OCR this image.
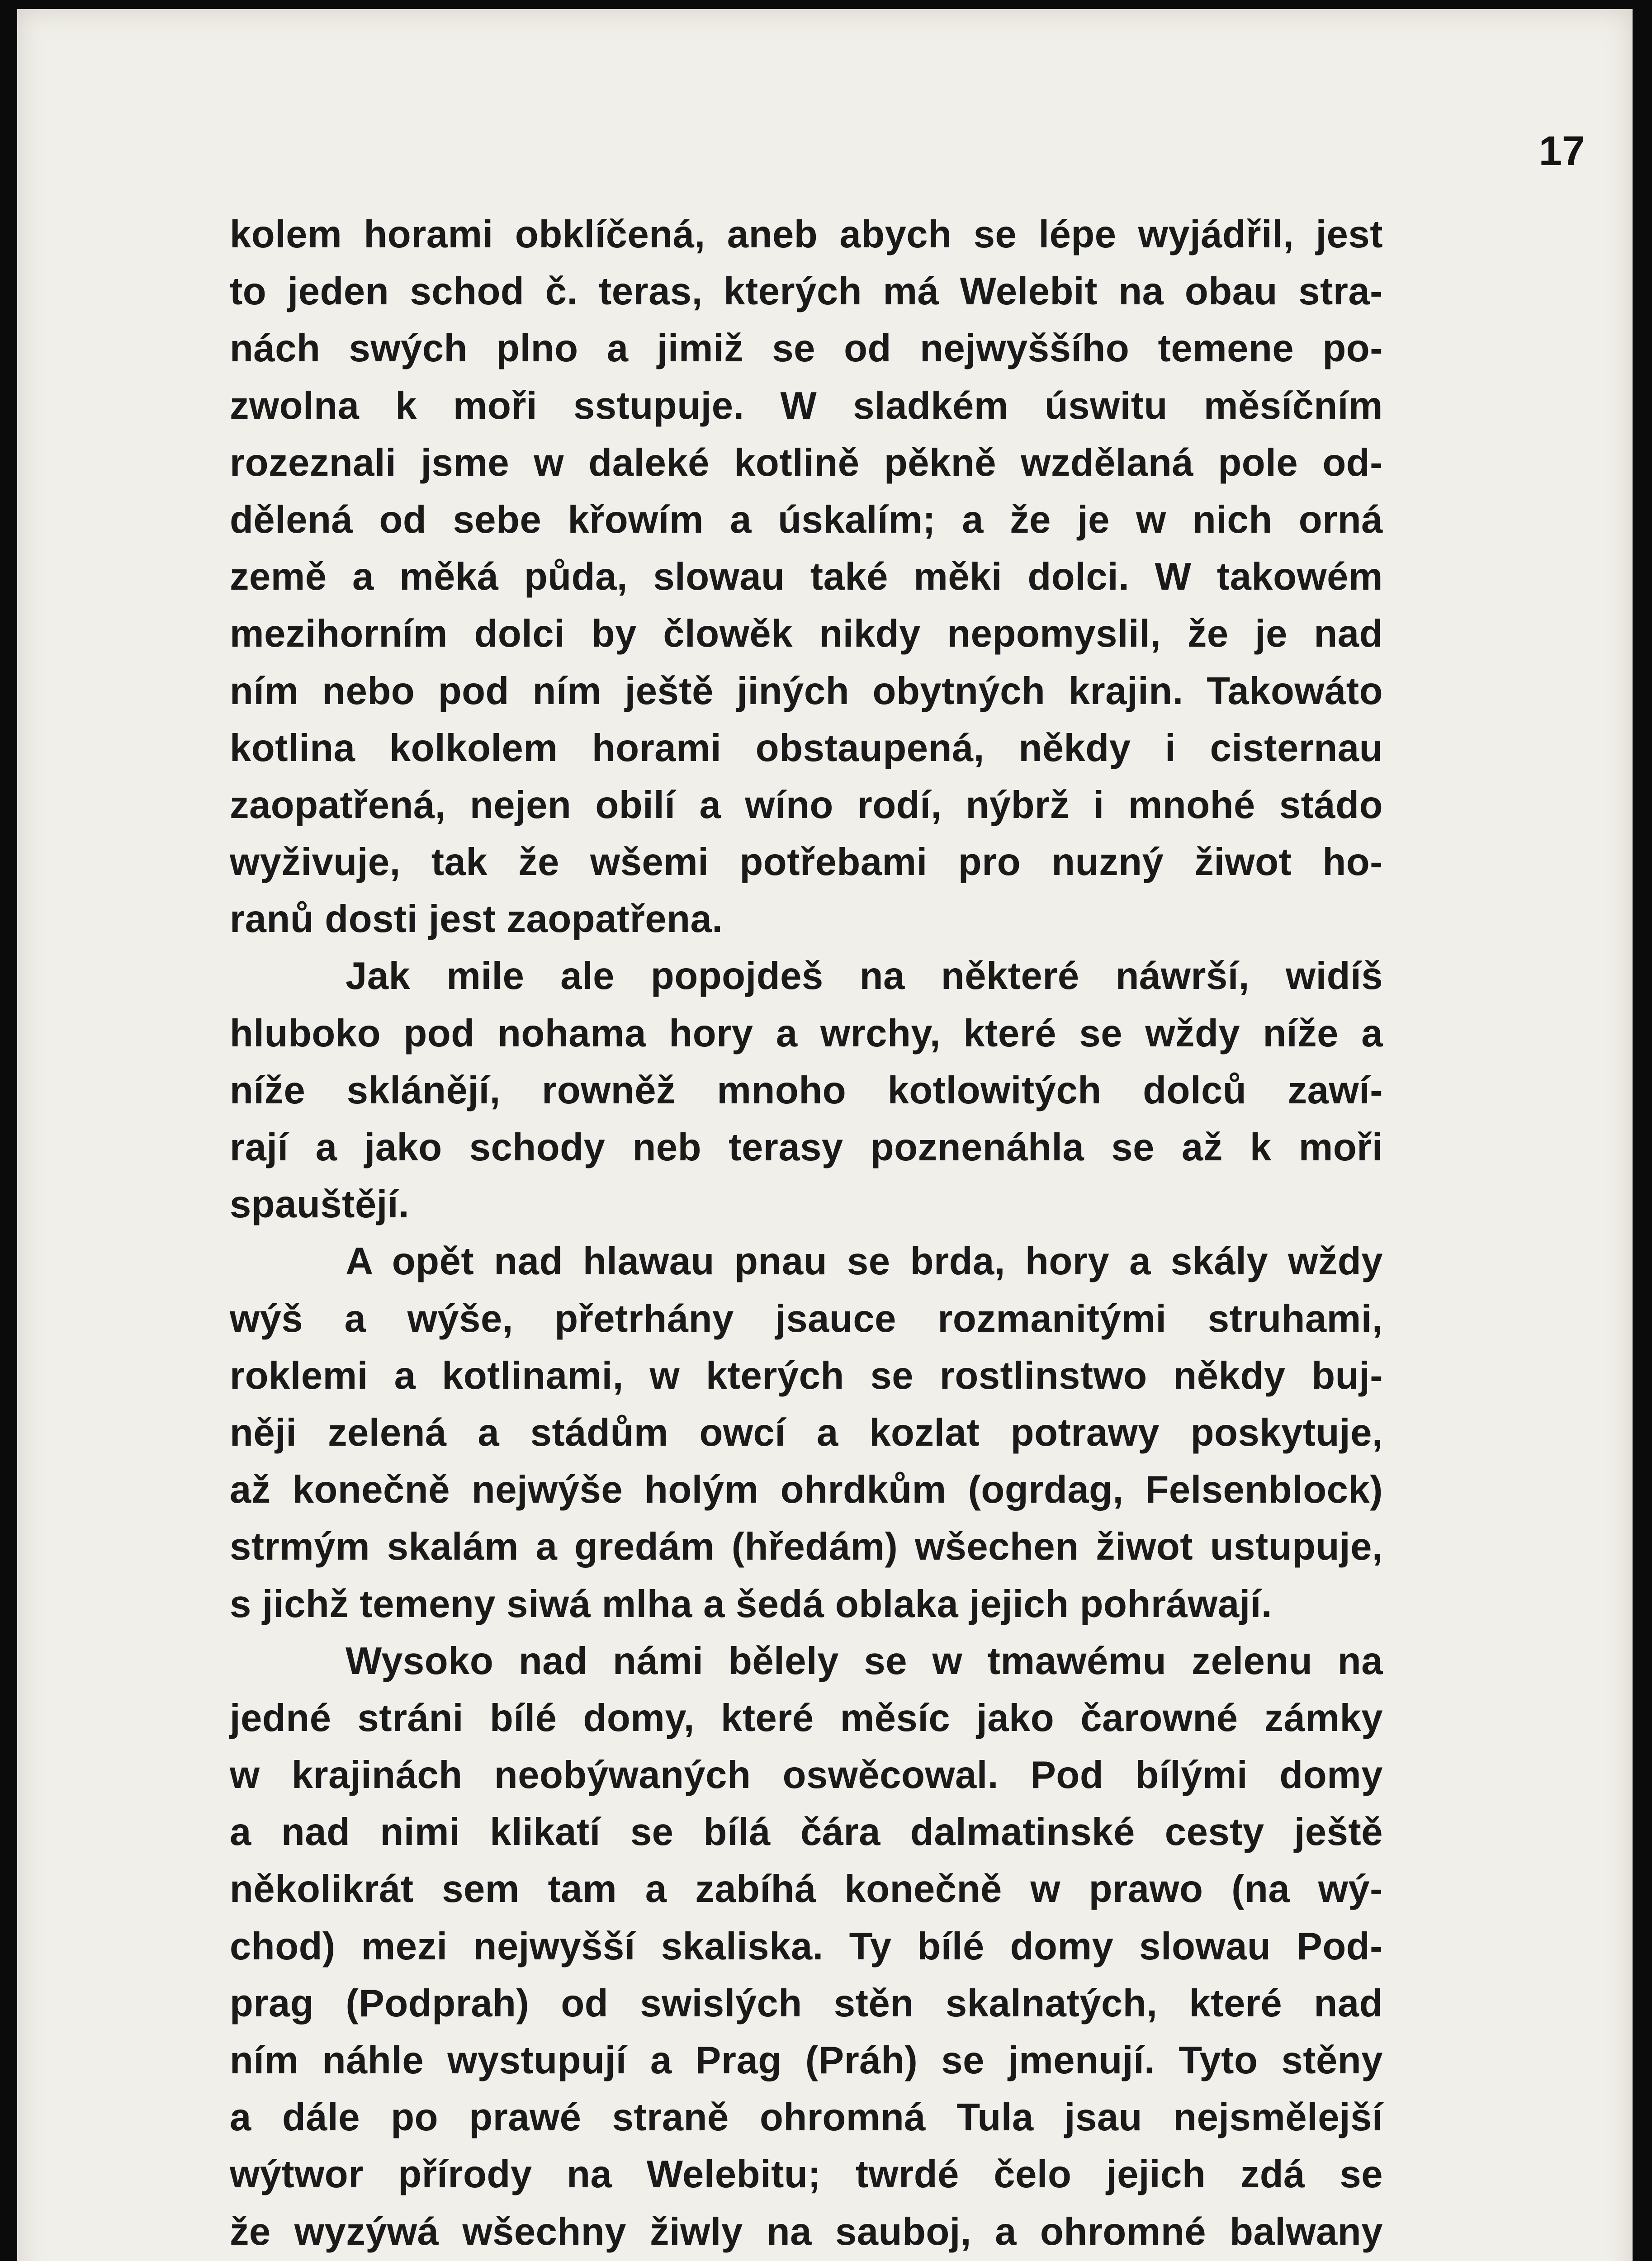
17
kolem horami obklíčená, aneb abych se lépe wyjádřil, jest
to jeden schod č. teras, kterých má Welebit na obau stra-
nách swých plno a jimiž se od nejwyššího temene po-
zwolna k moři sstupuje. W sladkém úswitu měsíčním
rozeznali jsme w daleké kotlině pěkně wzdělaná pole od-
dělená od sebe křowím a úskalím; a že je w nich orná
země a měká půda, slowau také měki dolci. W takowém
mezihorním dolci by člowěk nikdy nepomyslil, že je nad
ním nebo pod ním ještě jiných obytných krajin. Takowáto
kotlina kolkolem horami obstaupená, někdy i cisternau
zaopatřená, nejen obilí a wíno rodí, nýbrž i mnohé stádo
wyživuje, tak že wšemi potřebami pro nuzný žiwot ho-
ranů dosti jest zaopatřena.
Jak mile ale popojdeš na některé náwrší, widíš
hluboko pod nohama hory a wrchy, které se wždy níže a
níže sklánějí, rowněž mnoho kotlowitých dolců zawí-
rají a jako schody neb terasy poznenáhla se až k moři
spauštějí.
A opět nad hlawau pnau se brda, hory a skály wždy
wýš a wýše, přetrhány jsauce rozmanitými struhami,
roklemi a kotlinami, w kterých se rostlinstwo někdy buj-
něji zelená a stádům owcí a kozlat potrawy poskytuje,
až konečně nejwýše holým ohrdkům (ogrdag, Felsenblock)
strmým skalám a gredám (hředám) wšechen žiwot ustupuje,
s jichž temeny siwá mlha a šedá oblaka jejich pohráwají.
Wysoko nad námi bělely se w tmawému zelenu na
jedné stráni bílé domy, které měsíc jako čarowné zámky
w krajinách neobýwaných oswěcowal. Pod bílými domy
a nad nimi klikatí se bílá čára dalmatinské cesty ještě
několikrát sem tam a zabíhá konečně w prawo (na wý-
chod) mezi nejwyšší skaliska. Ty bílé domy slowau Pod-
prag (Podprah) od swislých stěn skalnatých, které nad
ním náhle wystupují a Prag (Práh) se jmenují. Tyto stěny
a dále po prawé straně ohromná Tula jsau nejsmělejší
wýtwor přírody na Welebitu; twrdé čelo jejich zdá se
že wyzýwá wšechny žiwly na sauboj, a ohromné balwany
